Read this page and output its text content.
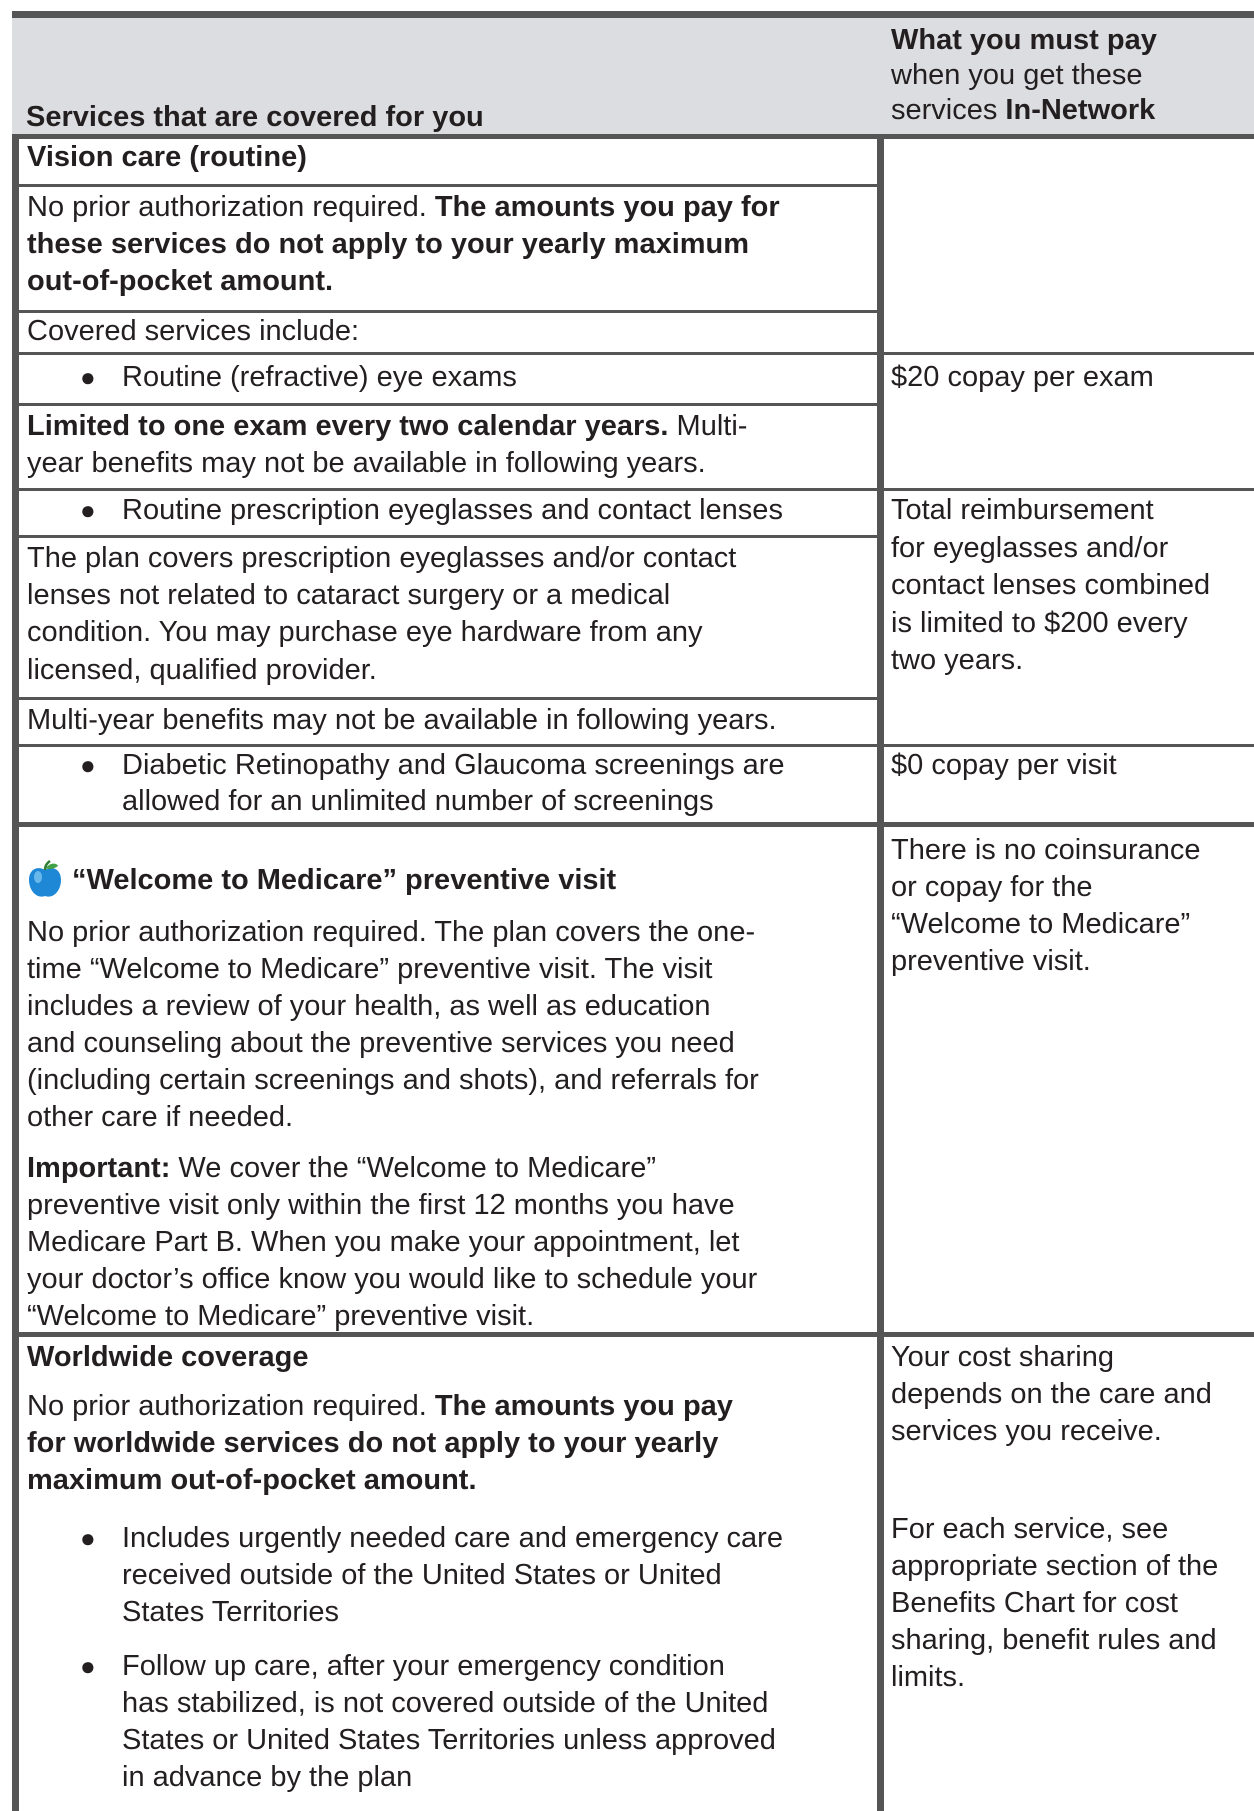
Services that are covered for you
What you must pay
when you get these
services In-Network
Vision care (routine)
No prior authorization required. The amounts you pay for
these services do not apply to your yearly maximum
out-of-pocket amount.
Covered services include:
● Routine (refractive) eye exams	$20 copay per exam
Limited to one exam every two calendar years. Multi-
year benefits may not be available in following years.
● Routine prescription eyeglasses and contact lenses	Total reimbursement
The plan covers prescription eyeglasses and/or contact
lenses not related to cataract surgery or a medical
condition. You may purchase eye hardware from any
licensed, qualified provider.
for eyeglasses and/or
contact lenses combined
is limited to $200 every
two years.
Multi-year benefits may not be available in following years.
● Diabetic Retinopathy and Glaucoma screenings are
allowed for an unlimited number of screenings
$0 copay per visit
“Welcome to Medicare” preventive visit
No prior authorization required. The plan covers the one-
time “Welcome to Medicare” preventive visit. The visit
includes a review of your health, as well as education
and counseling about the preventive services you need
(including certain screenings and shots), and referrals for
other care if needed.
Important: We cover the “Welcome to Medicare”
preventive visit only within the first 12 months you have
Medicare Part B. When you make your appointment, let
your doctor’s office know you would like to schedule your
“Welcome to Medicare” preventive visit.
There is no coinsurance
or copay for the
“Welcome to Medicare”
preventive visit.
Worldwide coverage
No prior authorization required. The amounts you pay
for worldwide services do not apply to your yearly
maximum out-of-pocket amount.
● Includes urgently needed care and emergency care
received outside of the United States or United
States Territories
● Follow up care, after your emergency condition
has stabilized, is not covered outside of the United
States or United States Territories unless approved
in advance by the plan
Your cost sharing
depends on the care and
services you receive.
For each service, see
appropriate section of the
Benefits Chart for cost
sharing, benefit rules and
limits.
